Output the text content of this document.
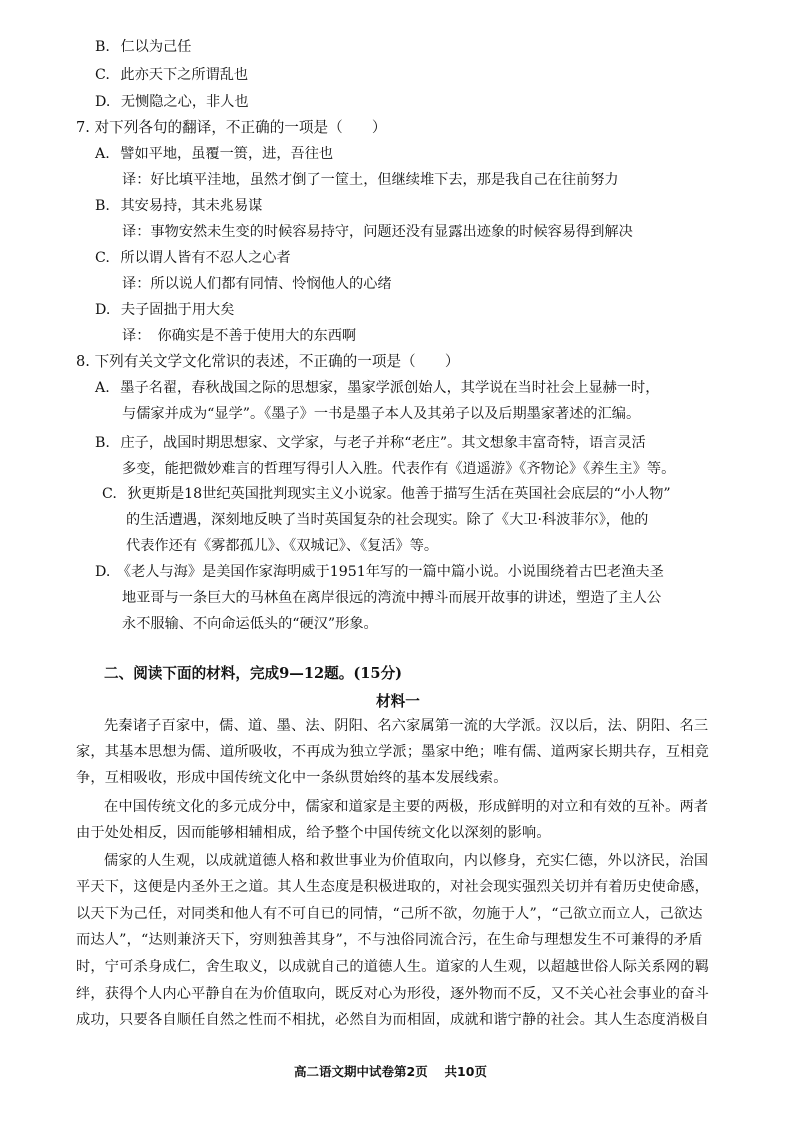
B. 仁以为己任
C. 此亦天下之所谓乱也
D. 无恻隐之心，非人也
7. 对下列各句的翻译，不正确的一项是（　　）
A. 譬如平地，虽覆一篑，进，吾往也
译：好比填平洼地，虽然才倒了一筐土，但继续堆下去，那是我自己在往前努力
B. 其安易持，其未兆易谋
译：事物安然未生变的时候容易持守，问题还没有显露出迹象的时候容易得到解决
C. 所以谓人皆有不忍人之心者
译：所以说人们都有同情、怜悯他人的心绪
D. 夫子固拙于用大矣
译：　你确实是不善于使用大的东西啊
8. 下列有关文学文化常识的表述，不正确的一项是（　　）
A. 墨子名翟，春秋战国之际的思想家，墨家学派创始人，其学说在当时社会上显赫一时，
与儒家并成为“显学”。《墨子》一书是墨子本人及其弟子以及后期墨家著述的汇编。
B. 庄子，战国时期思想家、文学家，与老子并称“老庄”。其文想象丰富奇特，语言灵活
多变，能把微妙难言的哲理写得引人入胜。代表作有《逍遥游》《齐物论》《养生主》等。
C. 狄更斯是18世纪英国批判现实主义小说家。他善于描写生活在英国社会底层的“小人物”
的生活遭遇，深刻地反映了当时英国复杂的社会现实。除了《大卫·科波菲尔》，他的
代表作还有《雾都孤儿》、《双城记》、《复活》等。
D. 《老人与海》是美国作家海明威于1951年写的一篇中篇小说。小说围绕着古巴老渔夫圣
地亚哥与一条巨大的马林鱼在离岸很远的湾流中搏斗而展开故事的讲述，塑造了主人公
永不服输、不向命运低头的“硬汉”形象。
二、阅读下面的材料，完成9—12题。(15分)
材料一
先秦诸子百家中，儒、道、墨、法、阴阳、名六家属第一流的大学派。汉以后，法、阴阳、名三
家，其基本思想为儒、道所吸收，不再成为独立学派；墨家中绝；唯有儒、道两家长期共存，互相竞
争，互相吸收，形成中国传统文化中一条纵贯始终的基本发展线索。
在中国传统文化的多元成分中，儒家和道家是主要的两极，形成鲜明的对立和有效的互补。两者
由于处处相反，因而能够相辅相成，给予整个中国传统文化以深刻的影响。
儒家的人生观，以成就道德人格和救世事业为价值取向，内以修身，充实仁德，外以济民，治国
平天下，这便是内圣外王之道。其人生态度是积极进取的，对社会现实强烈关切并有着历史使命感，
以天下为己任，对同类和他人有不可自已的同情，“己所不欲，勿施于人”，“己欲立而立人，己欲达
而达人”，“达则兼济天下，穷则独善其身”，不与浊俗同流合污，在生命与理想发生不可兼得的矛盾
时，宁可杀身成仁，舍生取义，以成就自己的道德人生。道家的人生观，以超越世俗人际关系网的羁
绊，获得个人内心平静自在为价值取向，既反对心为形役，逐外物而不反，又不关心社会事业的奋斗
成功，只要各自顺任自然之性而不相扰，必然自为而相固，成就和谐宁静的社会。其人生态度消极自
高二语文期中试卷第2页　 共10页
